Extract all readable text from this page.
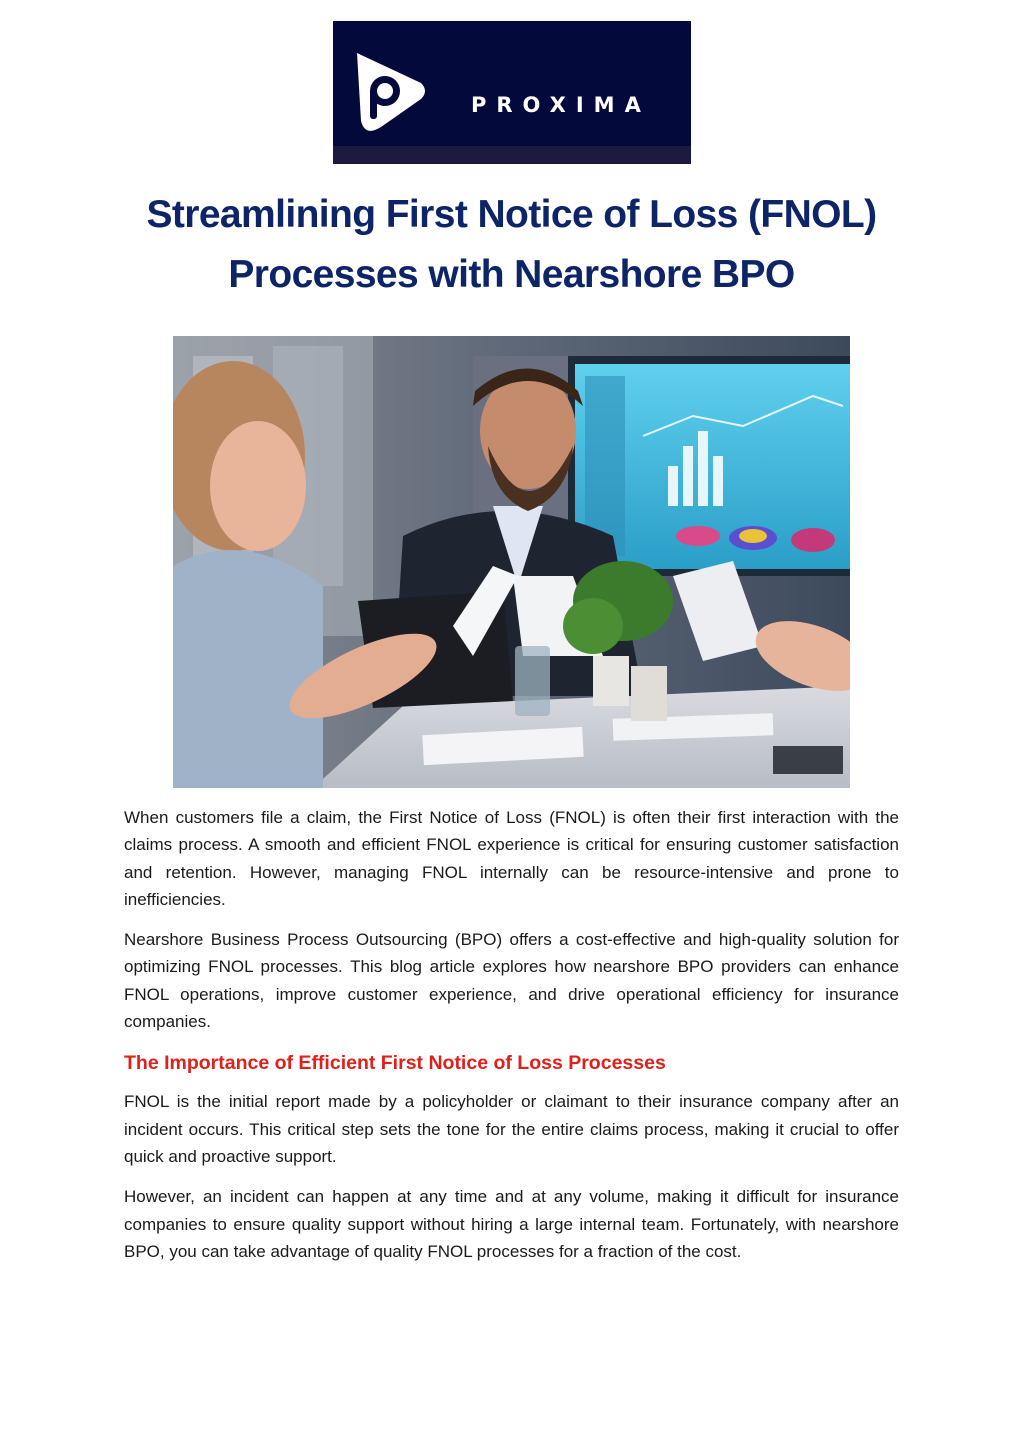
PROXIMA
Streamlining First Notice of Loss (FNOL)
Processes with Nearshore BPO

When customers file a claim, the First Notice of Loss (FNOL) is often their first interaction with the claims process. A smooth and efficient FNOL experience is critical for ensuring customer satisfaction and retention. However, managing FNOL internally can be resource-intensive and prone to inefficiencies.

Nearshore Business Process Outsourcing (BPO) offers a cost-effective and high-quality solution for optimizing FNOL processes. This blog article explores how nearshore BPO providers can enhance FNOL operations, improve customer experience, and drive operational efficiency for insurance companies.

The Importance of Efficient First Notice of Loss Processes

FNOL is the initial report made by a policyholder or claimant to their insurance company after an incident occurs. This critical step sets the tone for the entire claims process, making it crucial to offer quick and proactive support.

However, an incident can happen at any time and at any volume, making it difficult for insurance companies to ensure quality support without hiring a large internal team. Fortunately, with nearshore BPO, you can take advantage of quality FNOL processes for a fraction of the cost.
